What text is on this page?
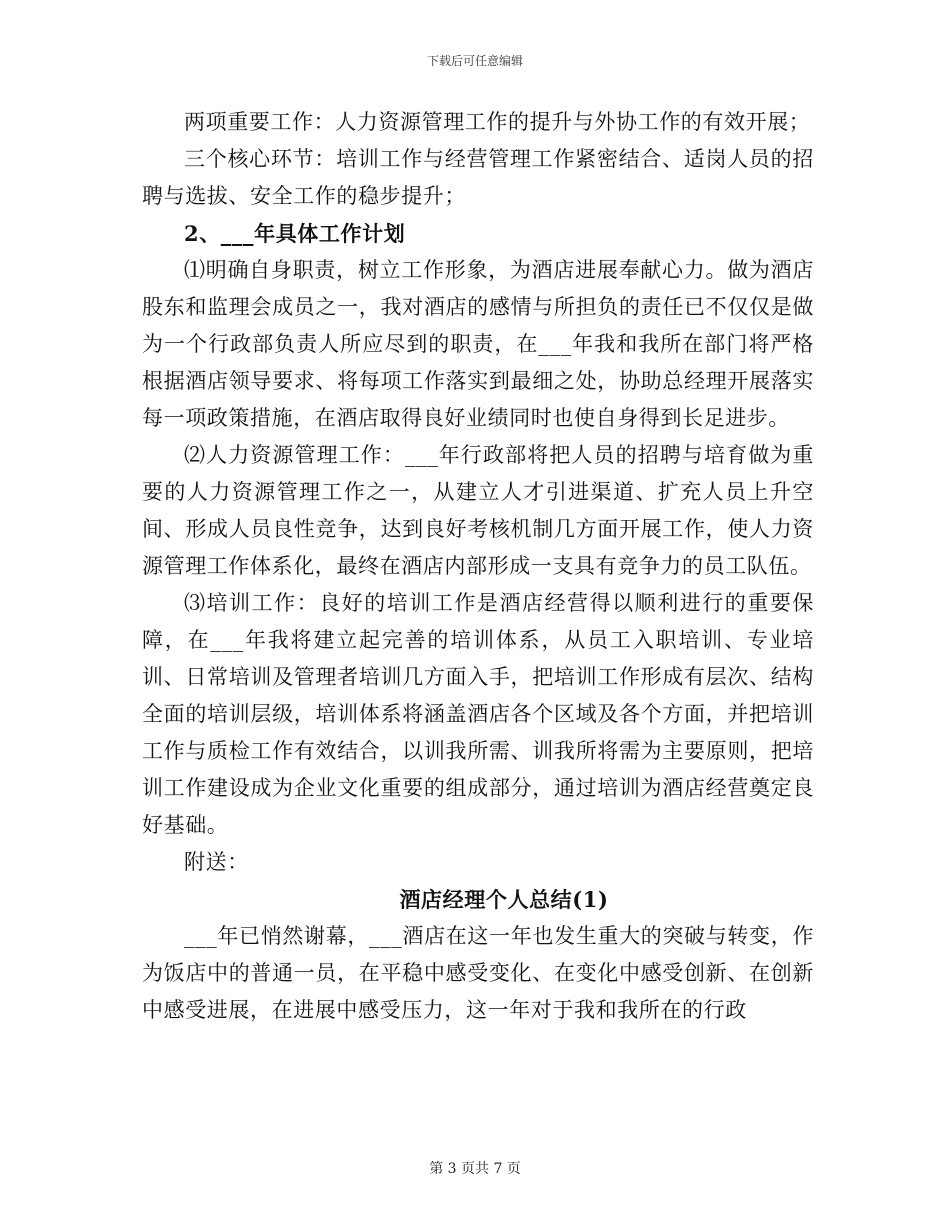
下载后可任意编辑

两项重要工作：人力资源管理工作的提升与外协工作的有效开展；

三个核心环节：培训工作与经营管理工作紧密结合、适岗人员的招聘与选拔、安全工作的稳步提升；

2、___年具体工作计划

⑴明确自身职责，树立工作形象，为酒店进展奉献心力。做为酒店股东和监理会成员之一，我对酒店的感情与所担负的责任已不仅仅是做为一个行政部负责人所应尽到的职责，在___年我和我所在部门将严格根据酒店领导要求、将每项工作落实到最细之处，协助总经理开展落实每一项政策措施，在酒店取得良好业绩同时也使自身得到长足进步。

⑵人力资源管理工作：___年行政部将把人员的招聘与培育做为重要的人力资源管理工作之一，从建立人才引进渠道、扩充人员上升空间、形成人员良性竞争，达到良好考核机制几方面开展工作，使人力资源管理工作体系化，最终在酒店内部形成一支具有竞争力的员工队伍。

⑶培训工作：良好的培训工作是酒店经营得以顺利进行的重要保障，在___年我将建立起完善的培训体系，从员工入职培训、专业培训、日常培训及管理者培训几方面入手，把培训工作形成有层次、结构全面的培训层级，培训体系将涵盖酒店各个区域及各个方面，并把培训工作与质检工作有效结合，以训我所需、训我所将需为主要原则，把培训工作建设成为企业文化重要的组成部分，通过培训为酒店经营奠定良好基础。

附送：

酒店经理个人总结(1)

___年已悄然谢幕，___酒店在这一年也发生重大的突破与转变，作为饭店中的普通一员，在平稳中感受变化、在变化中感受创新、在创新中感受进展，在进展中感受压力，这一年对于我和我所在的行政

第 3 页共 7 页
